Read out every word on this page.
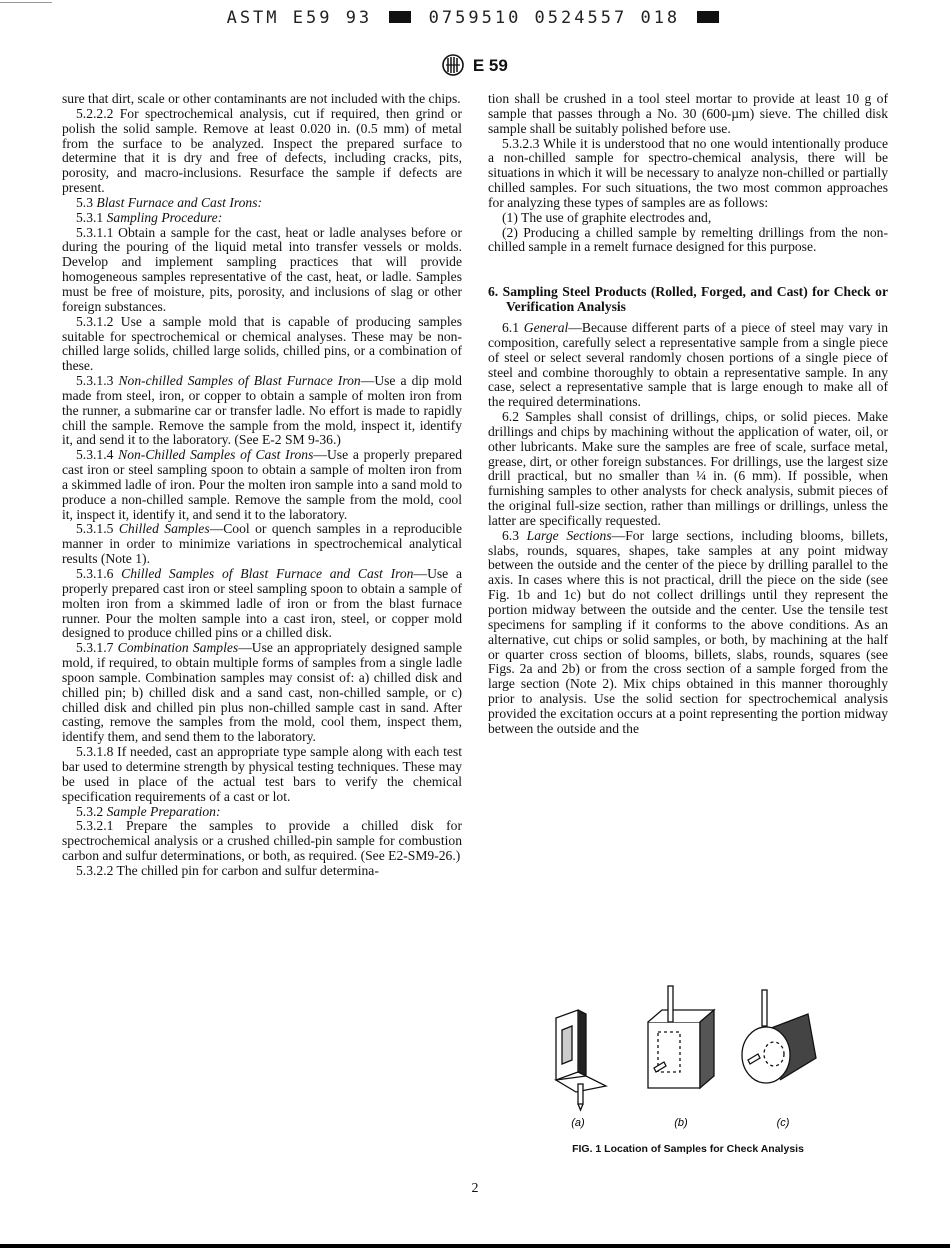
ASTM E59 93	0759510 0524557 018
E 59

sure that dirt, scale or other contaminants are not included with the chips.

5.2.2.2 For spectrochemical analysis, cut if required, then grind or polish the solid sample. Remove at least 0.020 in. (0.5 mm) of metal from the surface to be analyzed. Inspect the prepared surface to determine that it is dry and free of defects, including cracks, pits, porosity, and macro-inclusions. Resurface the sample if defects are present.

5.3 Blast Furnace and Cast Irons:

5.3.1 Sampling Procedure:

5.3.1.1 Obtain a sample for the cast, heat or ladle analyses before or during the pouring of the liquid metal into transfer vessels or molds. Develop and implement sampling practices that will provide homogeneous samples representative of the cast, heat, or ladle. Samples must be free of moisture, pits, porosity, and inclusions of slag or other foreign substances.

5.3.1.2 Use a sample mold that is capable of producing samples suitable for spectrochemical or chemical analyses. These may be non-chilled large solids, chilled large solids, chilled pins, or a combination of these.

5.3.1.3 Non-chilled Samples of Blast Furnace Iron—Use a dip mold made from steel, iron, or copper to obtain a sample of molten iron from the runner, a submarine car or transfer ladle. No effort is made to rapidly chill the sample. Remove the sample from the mold, inspect it, identify it, and send it to the laboratory. (See E-2 SM 9-36.)

5.3.1.4 Non-Chilled Samples of Cast Irons—Use a properly prepared cast iron or steel sampling spoon to obtain a sample of molten iron from a skimmed ladle of iron. Pour the molten iron sample into a sand mold to produce a non-chilled sample. Remove the sample from the mold, cool it, inspect it, identify it, and send it to the laboratory.

5.3.1.5 Chilled Samples—Cool or quench samples in a reproducible manner in order to minimize variations in spectrochemical analytical results (Note 1).

5.3.1.6 Chilled Samples of Blast Furnace and Cast Iron—Use a properly prepared cast iron or steel sampling spoon to obtain a sample of molten iron from a skimmed ladle of iron or from the blast furnace runner. Pour the molten sample into a cast iron, steel, or copper mold designed to produce chilled pins or a chilled disk.

5.3.1.7 Combination Samples—Use an appropriately designed sample mold, if required, to obtain multiple forms of samples from a single ladle spoon sample. Combination samples may consist of: a) chilled disk and chilled pin; b) chilled disk and a sand cast, non-chilled sample, or c) chilled disk and chilled pin plus non-chilled sample cast in sand. After casting, remove the samples from the mold, cool them, inspect them, identify them, and send them to the laboratory.

5.3.1.8 If needed, cast an appropriate type sample along with each test bar used to determine strength by physical testing techniques. These may be used in place of the actual test bars to verify the chemical specification requirements of a cast or lot.

5.3.2 Sample Preparation:

5.3.2.1 Prepare the samples to provide a chilled disk for spectrochemical analysis or a crushed chilled-pin sample for combustion carbon and sulfur determinations, or both, as required. (See E2-SM9-26.)

5.3.2.2 The chilled pin for carbon and sulfur determina-

tion shall be crushed in a tool steel mortar to provide at least 10 g of sample that passes through a No. 30 (600-µm) sieve. The chilled disk sample shall be suitably polished before use.

5.3.2.3 While it is understood that no one would intentionally produce a non-chilled sample for spectro-chemical analysis, there will be situations in which it will be necessary to analyze non-chilled or partially chilled samples. For such situations, the two most common approaches for analyzing these types of samples are as follows:

(1) The use of graphite electrodes and,

(2) Producing a chilled sample by remelting drillings from the non-chilled sample in a remelt furnace designed for this purpose.

6. Sampling Steel Products (Rolled, Forged, and Cast) for Check or Verification Analysis

6.1 General—Because different parts of a piece of steel may vary in composition, carefully select a representative sample from a single piece of steel or select several randomly chosen portions of a single piece of steel and combine thoroughly to obtain a representative sample. In any case, select a representative sample that is large enough to make all of the required determinations.

6.2 Samples shall consist of drillings, chips, or solid pieces. Make drillings and chips by machining without the application of water, oil, or other lubricants. Make sure the samples are free of scale, surface metal, grease, dirt, or other foreign substances. For drillings, use the largest size drill practical, but no smaller than ¼ in. (6 mm). If possible, when furnishing samples to other analysts for check analysis, submit pieces of the original full-size section, rather than millings or drillings, unless the latter are specifically requested.

6.3 Large Sections—For large sections, including blooms, billets, slabs, rounds, squares, shapes, take samples at any point midway between the outside and the center of the piece by drilling parallel to the axis. In cases where this is not practical, drill the piece on the side (see Fig. 1b and 1c) but do not collect drillings until they represent the portion midway between the outside and the center. Use the tensile test specimens for sampling if it conforms to the above conditions. As an alternative, cut chips or solid samples, or both, by machining at the half or quarter cross section of blooms, billets, slabs, rounds, squares (see Figs. 2a and 2b) or from the cross section of a sample forged from the large section (Note 2). Mix chips obtained in this manner thoroughly prior to analysis. Use the solid section for spectrochemical analysis provided the excitation occurs at a point representing the portion midway between the outside and the

(a)	(b)	(c)
FIG. 1 Location of Samples for Check Analysis
2
